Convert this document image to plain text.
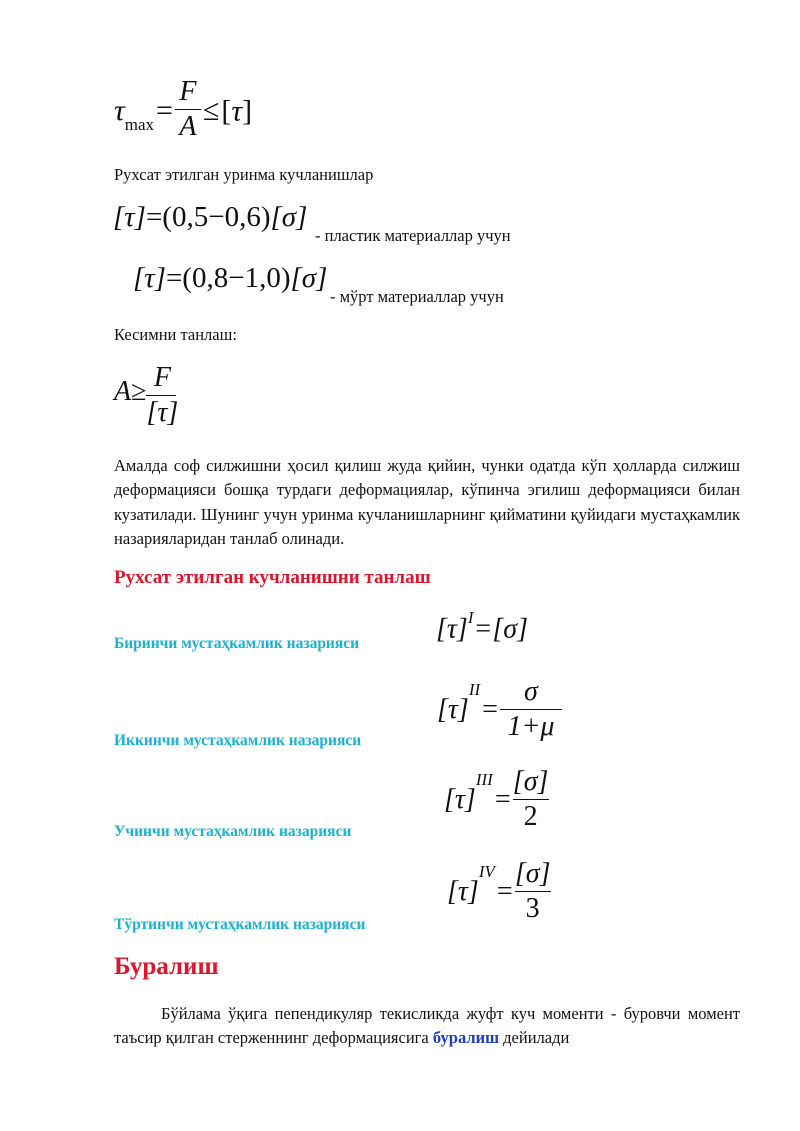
$\tau_{max}= \frac{F}{A} \le[\tau]$
Рухсат этилган уринма кучланишлар
[τ]=(0,5−0,6)[σ]
- пластик материаллар учун
[τ]=(0,8−1,0)[σ]
- мўрт материаллар учун
Кесимни танлаш:
$A\ge \frac{F}{[\tau]}$
Амалда соф силжишни ҳосил қилиш жуда қийин, чунки одатда кўп ҳолларда силжиш деформацияси бошқа турдаги деформациялар, кўпинча эгилиш деформацияси билан кузатилади. Шунинг учун уринма кучланишларнинг қийматини қуйидаги мустаҳкамлик назарияларидан танлаб олинади.
Рухсат этилган кучланишни танлаш
Биринчи мустаҳкамлик назарияси	$[\tau]^I=[\sigma]$
Иккинчи мустаҳкамлик назарияси
[τ]
$^{II}$
= $\frac{\sigma}{1+\mu}$
Учинчи мустаҳкамлик назарияси
[τ]
$^{III}$
= $\frac{[\sigma]}{2}$
Тўртинчи мустаҳкамлик назарияси
[τ]
$^{IV}$
= $\frac{[\sigma]}{3}$
Буралиш
Бўйлама ўқига пепендикуляр текисликда жуфт куч моменти - буровчи момент таъсир қилган стерженнинг деформациясига буралиш дейилади
